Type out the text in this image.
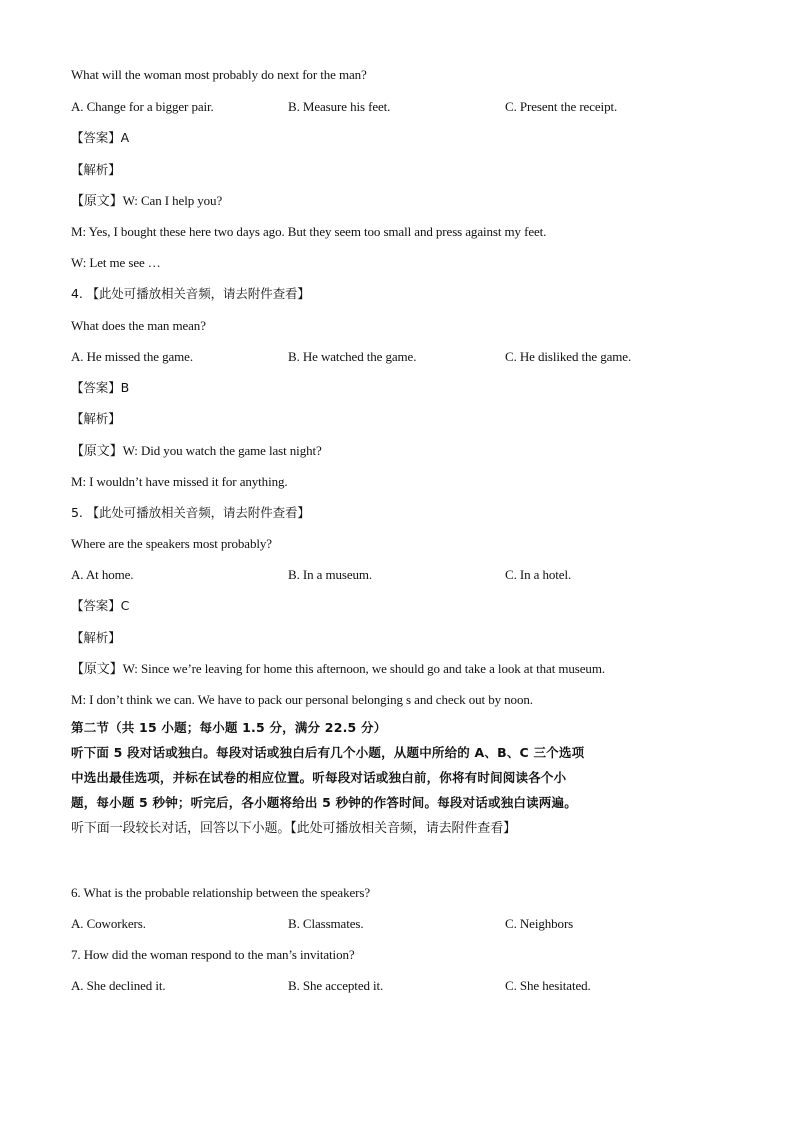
What will the woman most probably do next for the man?
A. Change for a bigger pair.	B. Measure his feet.	C. Present the receipt.
【答案】A
【解析】
【原文】W: Can I help you?
M: Yes, I bought these here two days ago. But they seem too small and press against my feet.
W: Let me see …
4. 【此处可播放相关音频，请去附件查看】
What does the man mean?
A. He missed the game.	B. He watched the game.	C. He disliked the game.
【答案】B
【解析】
【原文】W: Did you watch the game last night?
M: I wouldn’t have missed it for anything.
5. 【此处可播放相关音频，请去附件查看】
Where are the speakers most probably?
A. At home.	B. In a museum.	C. In a hotel.
【答案】C
【解析】
【原文】W: Since we’re leaving for home this afternoon, we should go and take a look at that museum.
M: I don’t think we can. We have to pack our personal belonging s and check out by noon.
第二节（共 15 小题；每小题 1.5 分，满分 22.5 分）
听下面 5 段对话或独白。每段对话或独白后有几个小题，从题中所给的 A、B、C 三个选项
中选出最佳选项，并标在试卷的相应位置。听每段对话或独白前，你将有时间阅读各个小
题，每小题 5 秒钟；听完后，各小题将给出 5 秒钟的作答时间。每段对话或独白读两遍。
听下面一段较长对话，回答以下小题。【此处可播放相关音频，请去附件查看】
6. What is the probable relationship between the speakers?
A. Coworkers.	B. Classmates.	C. Neighbors
7. How did the woman respond to the man’s invitation?
A. She declined it.	B. She accepted it.	C. She hesitated.
